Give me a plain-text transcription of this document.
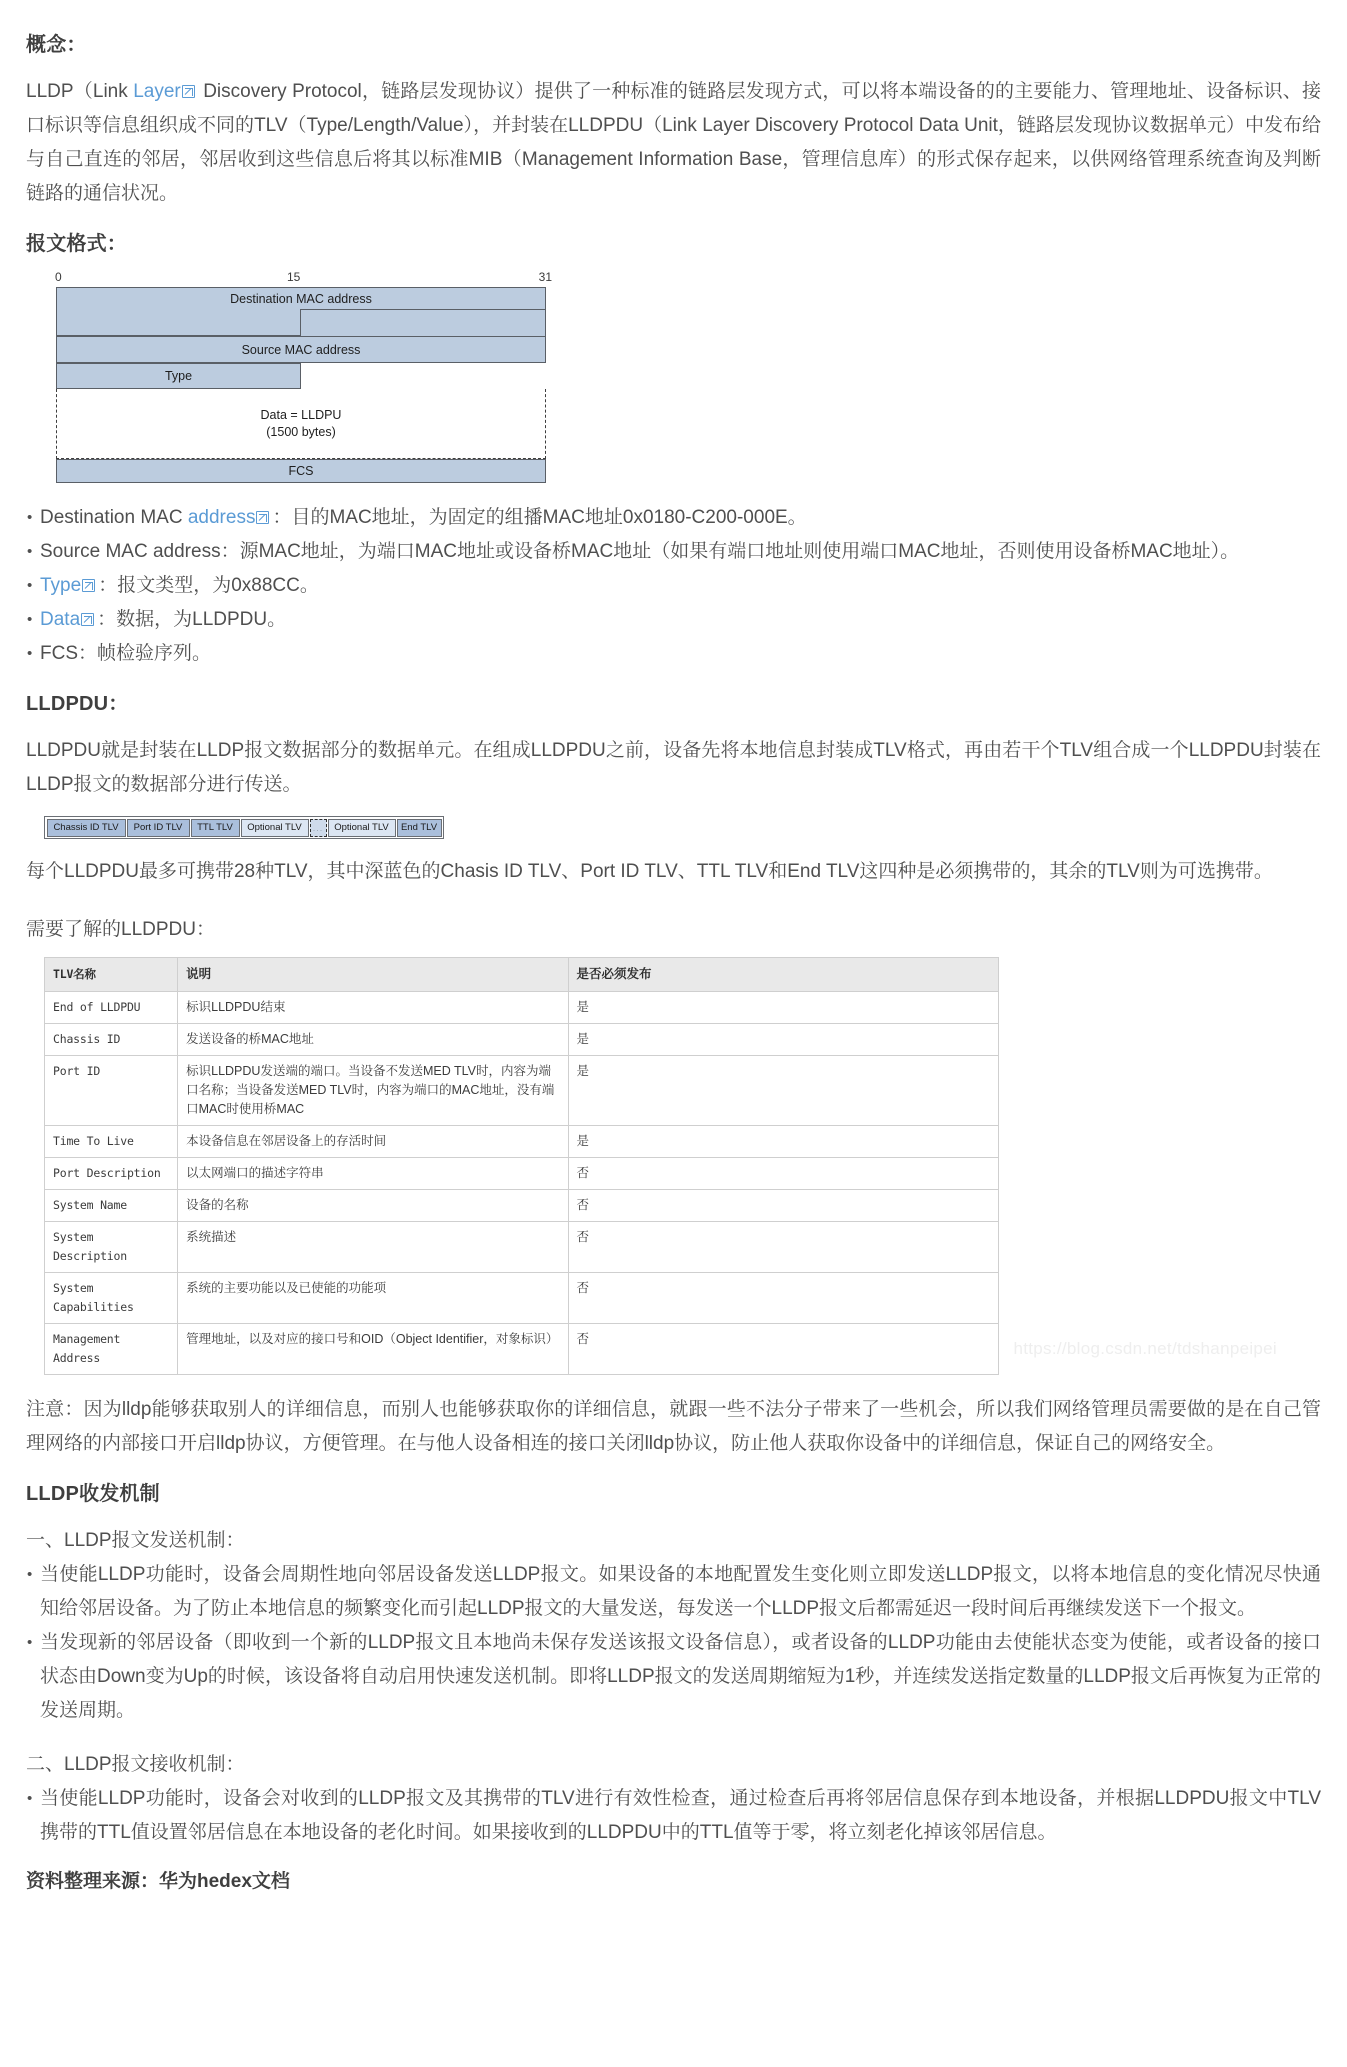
概念：

LLDP（Link Layer Discovery Protocol，链路层发现协议）提供了一种标准的链路层发现方式，可以将本端设备的的主要能力、管理地址、设备标识、接口标识等信息组织成不同的TLV（Type/Length/Value），并封装在LLDPDU（Link Layer Discovery Protocol Data Unit，链路层发现协议数据单元）中发布给与自己直连的邻居，邻居收到这些信息后将其以标准MIB（Management Information Base，管理信息库）的形式保存起来，以供网络管理系统查询及判断链路的通信状况。

报文格式：
0	15	31
Destination MAC address
Source MAC address
Type
Data = LLDPU
(1500 bytes)
FCS
• Destination MAC address ：目的MAC地址，为固定的组播MAC地址0x0180-C200-000E。
• Source MAC address：源MAC地址，为端口MAC地址或设备桥MAC地址（如果有端口地址则使用端口MAC地址，否则使用设备桥MAC地址）。
• Type ：报文类型，为0x88CC。
• Data ：数据，为LLDPDU。
• FCS：帧检验序列。
LLDPDU：

LLDPDU就是封装在LLDP报文数据部分的数据单元。在组成LLDPDU之前，设备先将本地信息封装成TLV格式，再由若干个TLV组合成一个LLDPDU封装在LLDP报文的数据部分进行传送。

Chassis ID TLV	Port ID TLV	TTL TLV	Optional TLV	...	Optional TLV	End TLV

每个LLDPDU最多可携带28种TLV，其中深蓝色的Chasis ID TLV、Port ID TLV、TTL TLV和End TLV这四种是必须携带的，其余的TLV则为可选携带。

需要了解的LLDPDU：

TLV名称	说明	是否必须发布
End of LLDPDU	标识LLDPDU结束	是
Chassis ID	发送设备的桥MAC地址	是
Port ID	标识LLDPDU发送端的端口。当设备不发送MED TLV时，内容为端口名称；当设备发送MED TLV时，内容为端口的MAC地址，没有端口MAC时使用桥MAC	是
Time To Live	本设备信息在邻居设备上的存活时间	是
Port Description	以太网端口的描述字符串	否
System Name	设备的名称	否
System Description	系统描述	否
System Capabilities	系统的主要功能以及已使能的功能项	否
Management Address	管理地址，以及对应的接口号和OID（Object Identifier，对象标识）	否	https://blog.csdn.net/tdshanpeipei

注意：因为lldp能够获取别人的详细信息，而别人也能够获取你的详细信息，就跟一些不法分子带来了一些机会，所以我们网络管理员需要做的是在自己管理网络的内部接口开启lldp协议，方便管理。在与他人设备相连的接口关闭lldp协议，防止他人获取你设备中的详细信息，保证自己的网络安全。

LLDP收发机制

一、LLDP报文发送机制：

• 当使能LLDP功能时，设备会周期性地向邻居设备发送LLDP报文。如果设备的本地配置发生变化则立即发送LLDP报文，以将本地信息的变化情况尽快通知给邻居设备。为了防止本地信息的频繁变化而引起LLDP报文的大量发送，每发送一个LLDP报文后都需延迟一段时间后再继续发送下一个报文。
• 当发现新的邻居设备（即收到一个新的LLDP报文且本地尚未保存发送该报文设备信息），或者设备的LLDP功能由去使能状态变为使能，或者设备的接口状态由Down变为Up的时候，该设备将自动启用快速发送机制。即将LLDP报文的发送周期缩短为1秒，并连续发送指定数量的LLDP报文后再恢复为正常的发送周期。

二、LLDP报文接收机制：

• 当使能LLDP功能时，设备会对收到的LLDP报文及其携带的TLV进行有效性检查，通过检查后再将邻居信息保存到本地设备，并根据LLDPDU报文中TLV携带的TTL值设置邻居信息在本地设备的老化时间。如果接收到的LLDPDU中的TTL值等于零，将立刻老化掉该邻居信息。

资料整理来源：华为hedex文档
